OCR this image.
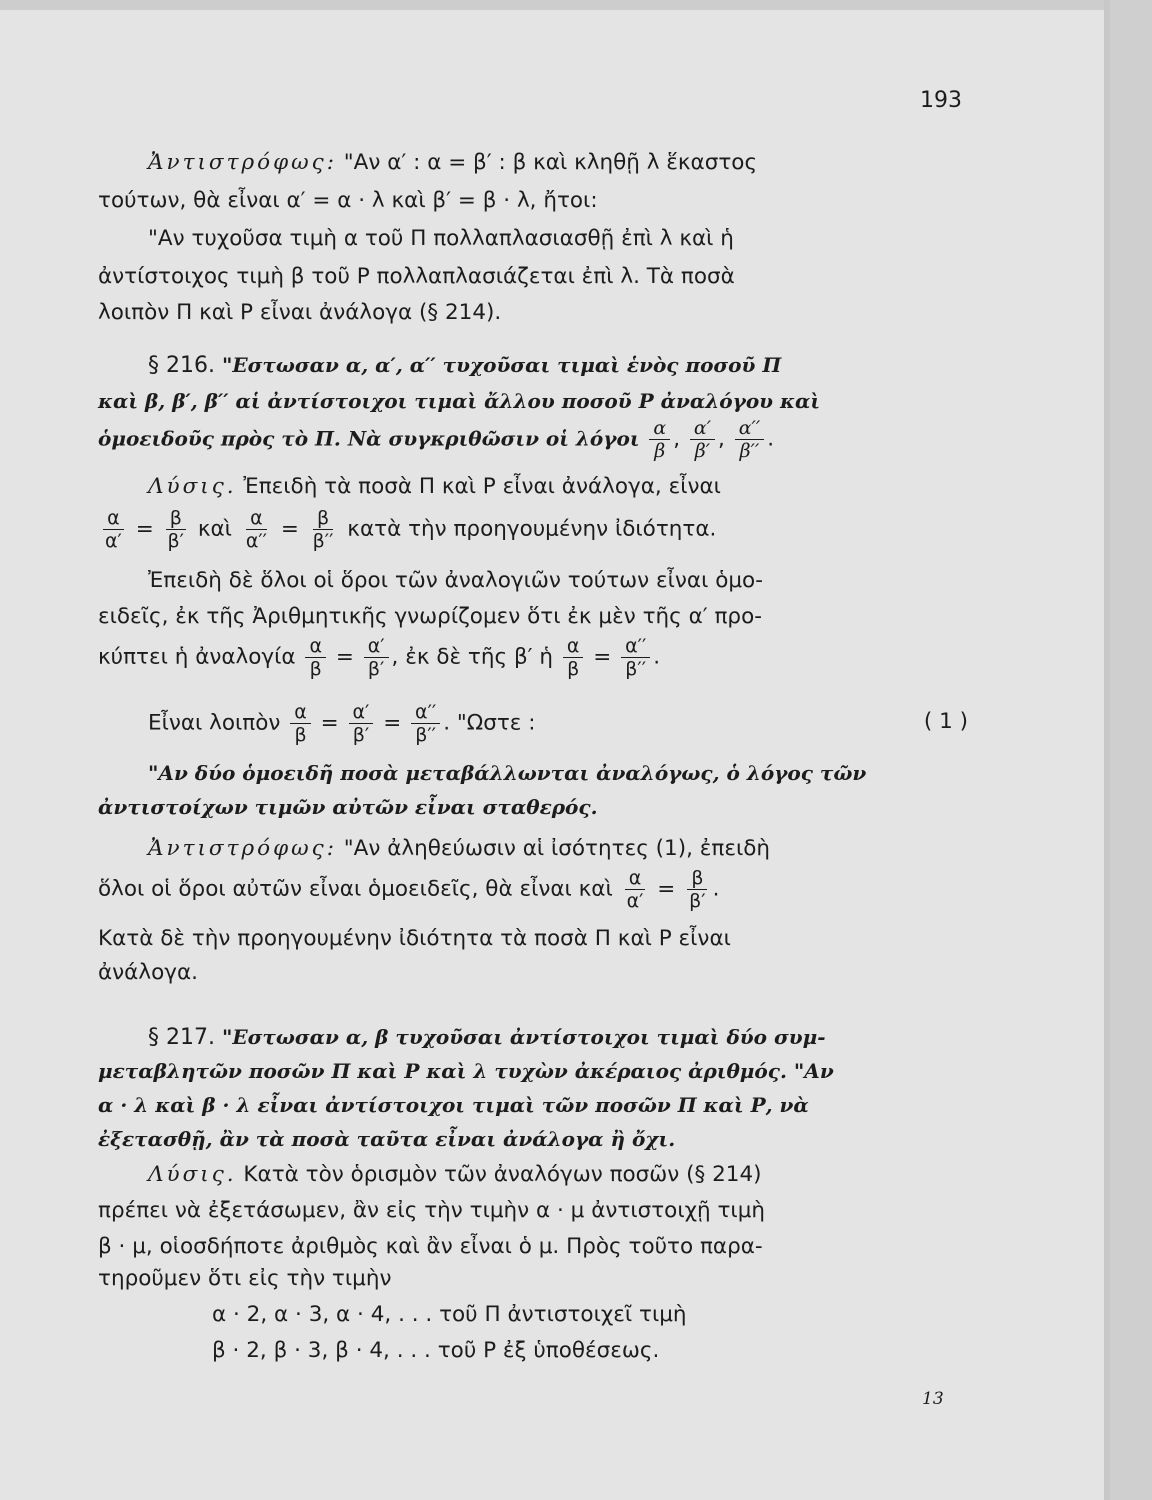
193
Ἀντιστρόφως: "Αν α′ : α = β′ : β καὶ κληθῇ λ ἕκαστος
τούτων, θὰ εἶναι α′ = α · λ καὶ β′ = β · λ, ἤτοι:
"Αν τυχοῦσα τιμὴ α τοῦ Π πολλαπλασιασθῇ ἐπὶ λ καὶ ἡ
ἀντίστοιχος τιμὴ β τοῦ Ρ πολλαπλασιάζεται ἐπὶ λ. Τὰ ποσὰ
λοιπὸν Π καὶ Ρ εἶναι ἀνάλογα (§ 214).
§ 216. "Εστωσαν α, α′, α′′ τυχοῦσαι τιμαὶ ἑνὸς ποσοῦ Π
καὶ β, β′, β′′ αἱ ἀντίστοιχοι τιμαὶ ἄλλου ποσοῦ Ρ ἀναλόγου καὶ
ὁμοειδοῦς πρὸς τὸ Π. Νὰ συγκριθῶσιν οἱ λόγοι $\frac{\alpha}{\beta}$ , $\frac{\alpha'}{\beta'}$ , $\frac{\alpha''}{\beta''}$ .
Λύσις. Ἐπειδὴ τὰ ποσὰ Π καὶ Ρ εἶναι ἀνάλογα, εἶναι
$\frac{\alpha}{\alpha'} = \frac{\beta}{\beta'}$ καὶ $\frac{\alpha}{\alpha''} = \frac{\beta}{\beta''}$ κατὰ τὴν προηγουμένην ἰδιότητα.
Ἐπειδὴ δὲ ὅλοι οἱ ὅροι τῶν ἀναλογιῶν τούτων εἶναι ὁμο-
ειδεῖς, ἐκ τῆς Ἀριθμητικῆς γνωρίζομεν ὅτι ἐκ μὲν τῆς α′ προ-
κύπτει ἡ ἀναλογία $\frac{\alpha}{\beta} = \frac{\alpha'}{\beta'}$ , ἐκ δὲ τῆς β′ ἡ $\frac{\alpha}{\beta} = \frac{\alpha''}{\beta''}$ .
Εἶναι λοιπὸν $\frac{\alpha}{\beta} = \frac{\alpha'}{\beta'} = \frac{\alpha''}{\beta''}$ . "Ωστε :	( 1 )
"Αν δύο ὁμοειδῆ ποσὰ μεταβάλλωνται ἀναλόγως, ὁ λόγος τῶν
ἀντιστοίχων τιμῶν αὐτῶν εἶναι σταθερός.
Ἀντιστρόφως: "Αν ἀληθεύωσιν αἱ ἰσότητες (1), ἐπειδὴ
ὅλοι οἱ ὅροι αὐτῶν εἶναι ὁμοειδεῖς, θὰ εἶναι καὶ $\frac{\alpha}{\alpha'} = \frac{\beta}{\beta'}$ .
Κατὰ δὲ τὴν προηγουμένην ἰδιότητα τὰ ποσὰ Π καὶ Ρ εἶναι
ἀνάλογα.
§ 217. "Εστωσαν α, β τυχοῦσαι ἀντίστοιχοι τιμαὶ δύο συμ-
μεταβλητῶν ποσῶν Π καὶ Ρ καὶ λ τυχὼν ἀκέραιος ἀριθμός. "Αν
α · λ καὶ β · λ εἶναι ἀντίστοιχοι τιμαὶ τῶν ποσῶν Π καὶ Ρ, νὰ
ἐξετασθῇ, ἂν τὰ ποσὰ ταῦτα εἶναι ἀνάλογα ἢ ὄχι.
Λύσις. Κατὰ τὸν ὁρισμὸν τῶν ἀναλόγων ποσῶν (§ 214)
πρέπει νὰ ἐξετάσωμεν, ἂν εἰς τὴν τιμὴν α · μ ἀντιστοιχῇ τιμὴ
β · μ, οἱοσδήποτε ἀριθμὸς καὶ ἂν εἶναι ὁ μ. Πρὸς τοῦτο παρα-
τηροῦμεν ὅτι εἰς τὴν τιμὴν
α · 2, α · 3, α · 4, . . . τοῦ Π ἀντιστοιχεῖ τιμὴ
β · 2, β · 3, β · 4, . . . τοῦ Ρ ἐξ ὑποθέσεως.
13
